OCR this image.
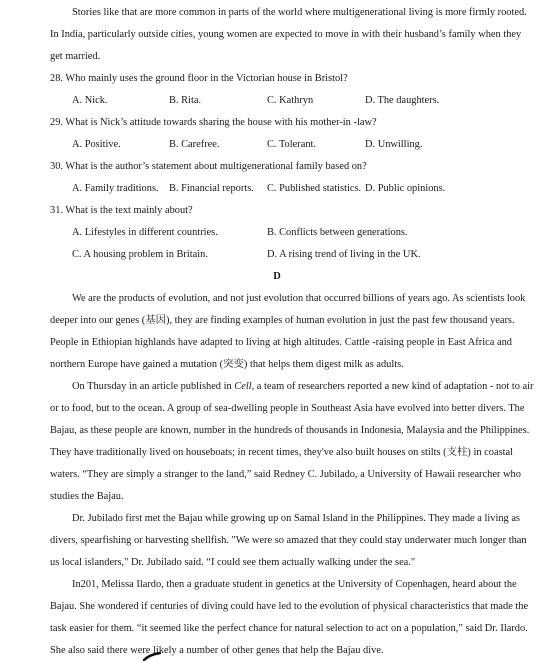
Stories like that are more common in parts of the world where multigenerational living is more firmly rooted.
In India, particularly outside cities, young women are expected to move in with their husband’s family when they
get married.
28. Who mainly uses the ground floor in the Victorian house in Bristol?
A. Nick.	B. Rita.	C. Kathryn	D. The daughters.
29. What is Nick’s attitude towards sharing the house with his mother-in -law?
A. Positive.	B. Carefree.	C. Tolerant.	D. Unwilling.
30. What is the author’s statement about multigenerational family based on?
A. Family traditions. B. Financial reports. C. Published statistics. D. Public opinions.
31. What is the text mainly about?
A. Lifestyles in different countries.	B. Conflicts between generations.
C. A housing problem in Britain.	D. A rising trend of living in the UK.
D
We are the products of evolution, and not just evolution that occurred billions of years ago. As scientists look
deeper into our genes (基因), they are finding examples of human evolution in just the past few thousand years.
People in Ethiopian highlands have adapted to living at high altitudes. Cattle -raising people in East Africa and
northern Europe have gained a mutation (突变) that helps them digest milk as adults.
On Thursday in an article published in Cell, a team of researchers reported a new kind of adaptation - not to air
or to food, but to the ocean. A group of sea-dwelling people in Southeast Asia have evolved into better divers. The
Bajau, as these people are known, number in the hundreds of thousands in Indonesia, Malaysia and the Philippines.
They have traditionally lived on houseboats; in recent times, they've also built houses on stilts (支柱) in coastal
waters. “They are simply a stranger to the land,” said Redney C. Jubilado, a University of Hawaii researcher who
studies the Bajau.
Dr. Jubilado first met the Bajau while growing up on Samal Island in the Philippines. They made a living as
divers, spearfishing or harvesting shellfish. "We were so amazed that they could stay underwater much longer than
us local islanders," Dr. Jubilado said. “I could see them actually walking under the sea."
In201, Melissa Ilardo, then a graduate student in genetics at the University of Copenhagen, heard about the
Bajau. She wondered if centuries of diving could have led to the evolution of physical characteristics that made the
task easier for them. “it seemed like the perfect chance for natural selection to act on a population,” said Dr. Ilardo.
She also said there were likely a number of other genes that help the Bajau dive.
